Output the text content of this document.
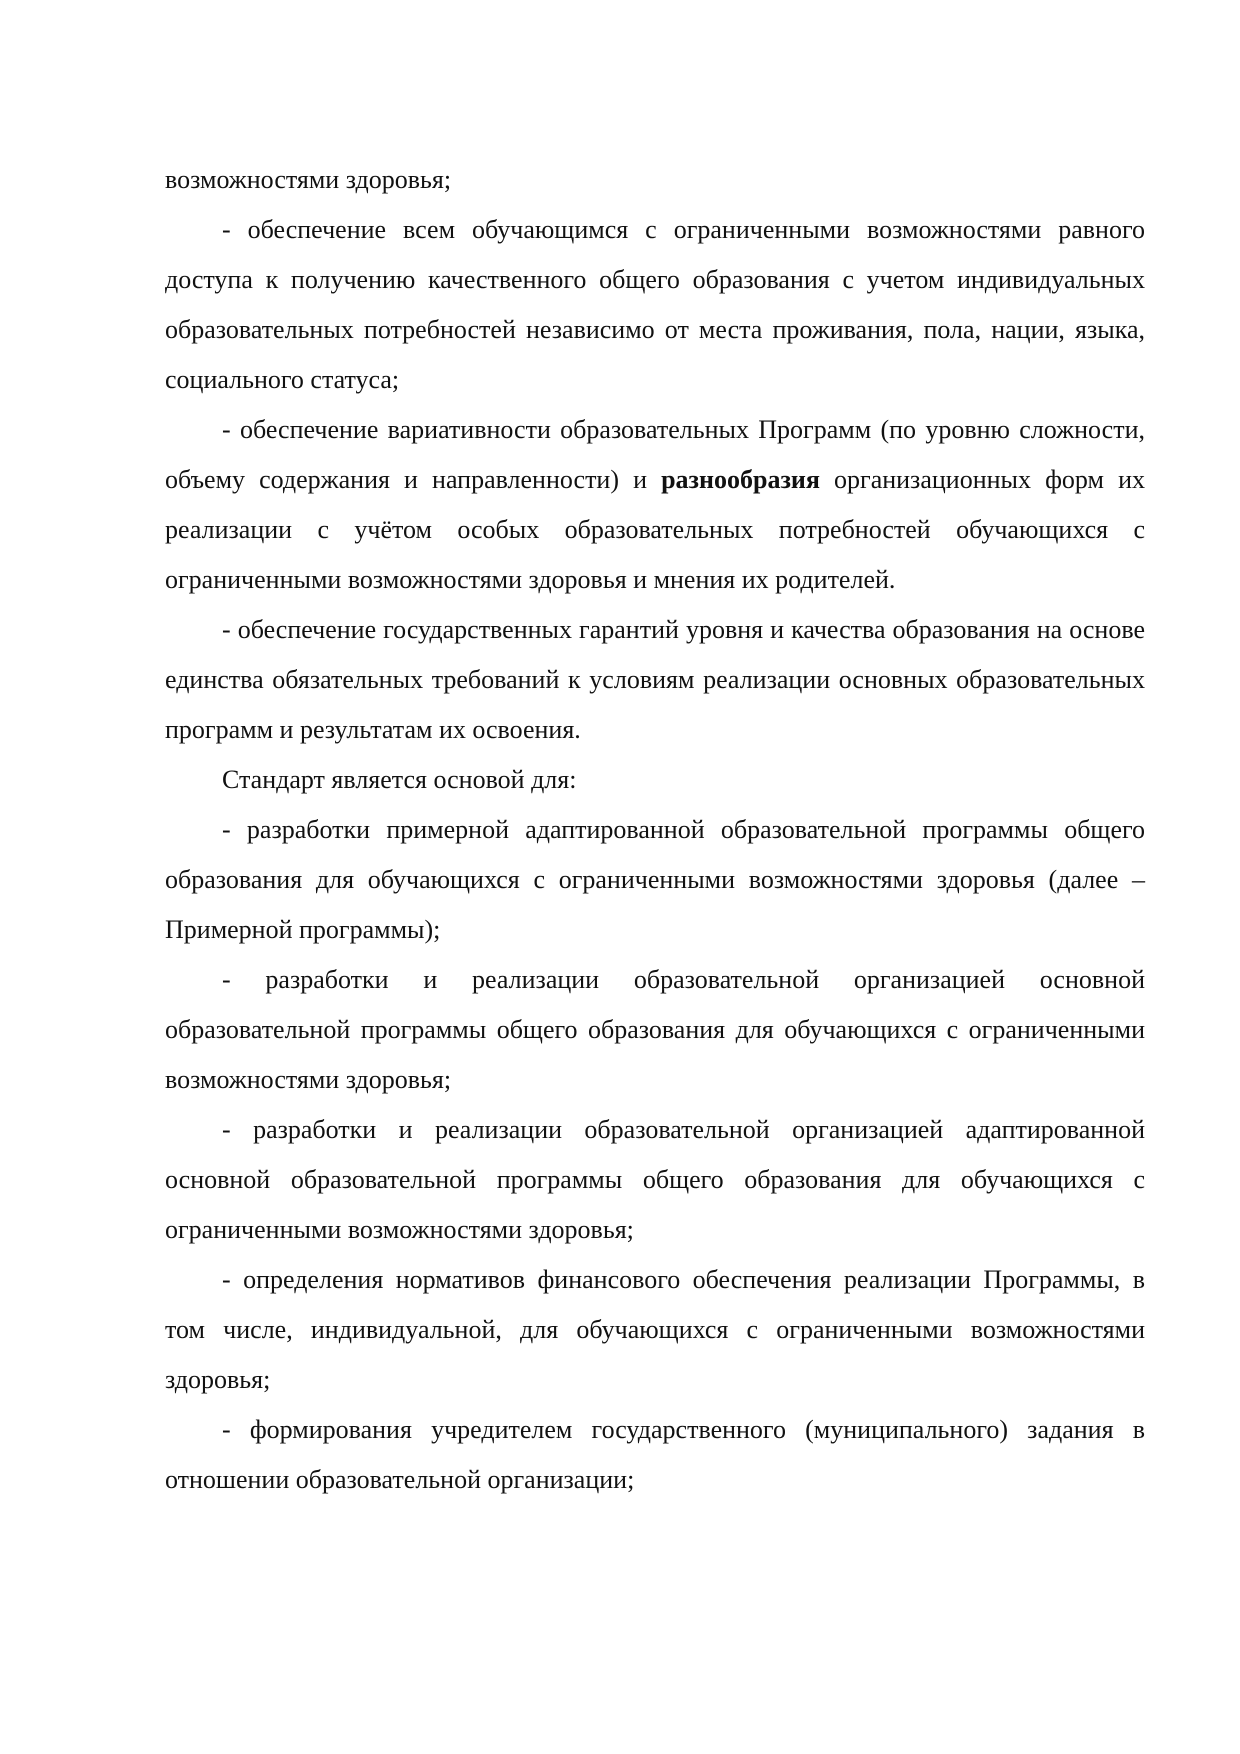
возможностями здоровья;

- обеспечение всем обучающимся с ограниченными возможностями равного доступа к получению качественного общего образования с учетом индивидуальных образовательных потребностей независимо от места проживания, пола, нации, языка, социального статуса;

- обеспечение вариативности образовательных Программ (по уровню сложности, объему содержания и направленности) и разнообразия организационных форм их реализации с учётом особых образовательных потребностей обучающихся с ограниченными возможностями здоровья и мнения их родителей.

- обеспечение государственных гарантий уровня и качества образования на основе единства обязательных требований к условиям реализации основных образовательных программ и результатам их освоения.

Стандарт является основой для:

- разработки примерной адаптированной образовательной программы общего образования для обучающихся с ограниченными возможностями здоровья (далее – Примерной программы);

- разработки и реализации образовательной организацией основной образовательной программы общего образования для обучающихся с ограниченными возможностями здоровья;

- разработки и реализации образовательной организацией адаптированной основной образовательной программы общего образования для обучающихся с ограниченными возможностями здоровья;

- определения нормативов финансового обеспечения реализации Программы, в том числе, индивидуальной, для обучающихся с ограниченными возможностями здоровья;

- формирования учредителем государственного (муниципального) задания в отношении образовательной организации;
